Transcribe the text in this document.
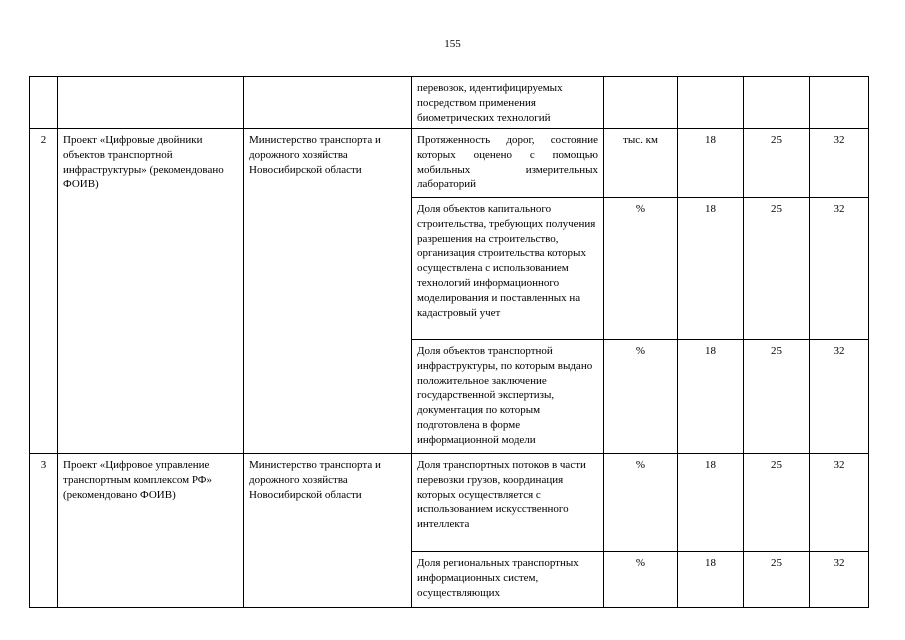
155
			перевозок, идентифицируемых посредством применения биометрических технологий				
2	Проект «Цифровые двойники объектов транспортной инфраструктуры» (рекомендовано ФОИВ)	Министерство транспорта и дорожного хозяйства Новосибирской области	Протяженность дорог, состояние которых оценено с помощью мобильных измерительных лабораторий	тыс. км	18	25	32
			Доля объектов капитального строительства, требующих получения разрешения на строительство, организация строительства которых осуществлена с использованием технологий информационного моделирования и поставленных на кадастровый учет	%	18	25	32
			Доля объектов транспортной инфраструктуры, по которым выдано положительное заключение государственной экспертизы, документация по которым подготовлена в форме информационной модели	%	18	25	32
3	Проект «Цифровое управление транспортным комплексом РФ» (рекомендовано ФОИВ)	Министерство транспорта и дорожного хозяйства Новосибирской области	Доля транспортных потоков в части перевозки грузов, координация которых осуществляется с использованием искусственного интеллекта	%	18	25	32
			Доля региональных транспортных информационных систем, осуществляющих	%	18	25	32
